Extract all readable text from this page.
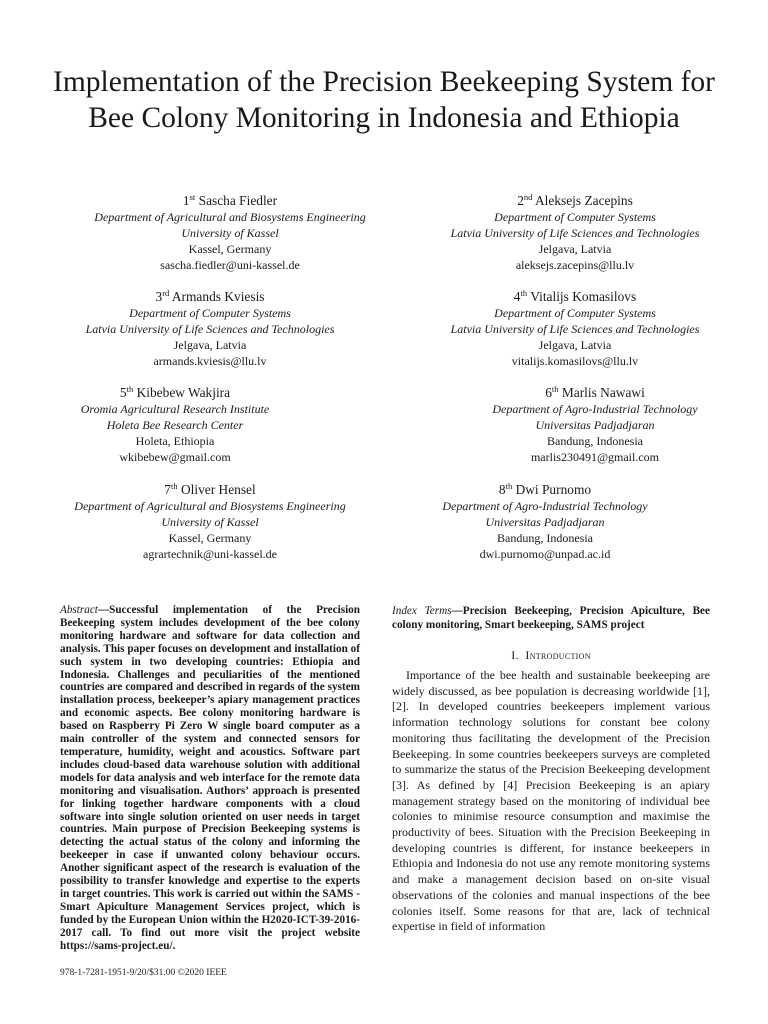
Implementation of the Precision Beekeeping System for Bee Colony Monitoring in Indonesia and Ethiopia
1st Sascha Fiedler
Department of Agricultural and Biosystems Engineering
University of Kassel
Kassel, Germany
sascha.fiedler@uni-kassel.de
2nd Aleksejs Zacepins
Department of Computer Systems
Latvia University of Life Sciences and Technologies
Jelgava, Latvia
aleksejs.zacepins@llu.lv
3rd Armands Kviesis
Department of Computer Systems
Latvia University of Life Sciences and Technologies
Jelgava, Latvia
armands.kviesis@llu.lv
4th Vitalijs Komasilovs
Department of Computer Systems
Latvia University of Life Sciences and Technologies
Jelgava, Latvia
vitalijs.komasilovs@llu.lv
5th Kibebew Wakjira
Oromia Agricultural Research Institute
Holeta Bee Research Center
Holeta, Ethiopia
wkibebew@gmail.com
6th Marlis Nawawi
Department of Agro-Industrial Technology
Universitas Padjadjaran
Bandung, Indonesia
marlis230491@gmail.com
7th Oliver Hensel
Department of Agricultural and Biosystems Engineering
University of Kassel
Kassel, Germany
agrartechnik@uni-kassel.de
8th Dwi Purnomo
Department of Agro-Industrial Technology
Universitas Padjadjaran
Bandung, Indonesia
dwi.purnomo@unpad.ac.id
Abstract—Successful implementation of the Precision Beekeeping system includes development of the bee colony monitoring hardware and software for data collection and analysis. This paper focuses on development and installation of such system in two developing countries: Ethiopia and Indonesia. Challenges and peculiarities of the mentioned countries are compared and described in regards of the system installation process, beekeeper’s apiary management practices and economic aspects. Bee colony monitoring hardware is based on Raspberry Pi Zero W single board computer as a main controller of the system and connected sensors for temperature, humidity, weight and acoustics. Software part includes cloud-based data warehouse solution with additional models for data analysis and web interface for the remote data monitoring and visualisation. Authors’ approach is presented for linking together hardware components with a cloud software into single solution oriented on user needs in target countries. Main purpose of Precision Beekeeping systems is detecting the actual status of the colony and informing the beekeeper in case if unwanted colony behaviour occurs. Another significant aspect of the research is evaluation of the possibility to transfer knowledge and expertise to the experts in target countries. This work is carried out within the SAMS - Smart Apiculture Management Services project, which is funded by the European Union within the H2020-ICT-39-2016-2017 call. To find out more visit the project website https://sams-project.eu/.
Index Terms—Precision Beekeeping, Precision Apiculture, Bee colony monitoring, Smart beekeeping, SAMS project
I. Introduction
Importance of the bee health and sustainable beekeeping are widely discussed, as bee population is decreasing worldwide [1], [2]. In developed countries beekeepers implement various information technology solutions for constant bee colony monitoring thus facilitating the development of the Precision Beekeeping. In some countries beekeepers surveys are completed to summarize the status of the Precision Beekeeping development [3]. As defined by [4] Precision Beekeeping is an apiary management strategy based on the monitoring of individual bee colonies to minimise resource consumption and maximise the productivity of bees. Situation with the Precision Beekeeping in developing countries is different, for instance beekeepers in Ethiopia and Indonesia do not use any remote monitoring systems and make a management decision based on on-site visual observations of the colonies and manual inspections of the bee colonies itself. Some reasons for that are, lack of technical expertise in field of information
978-1-7281-1951-9/20/$31.00 ©2020 IEEE
